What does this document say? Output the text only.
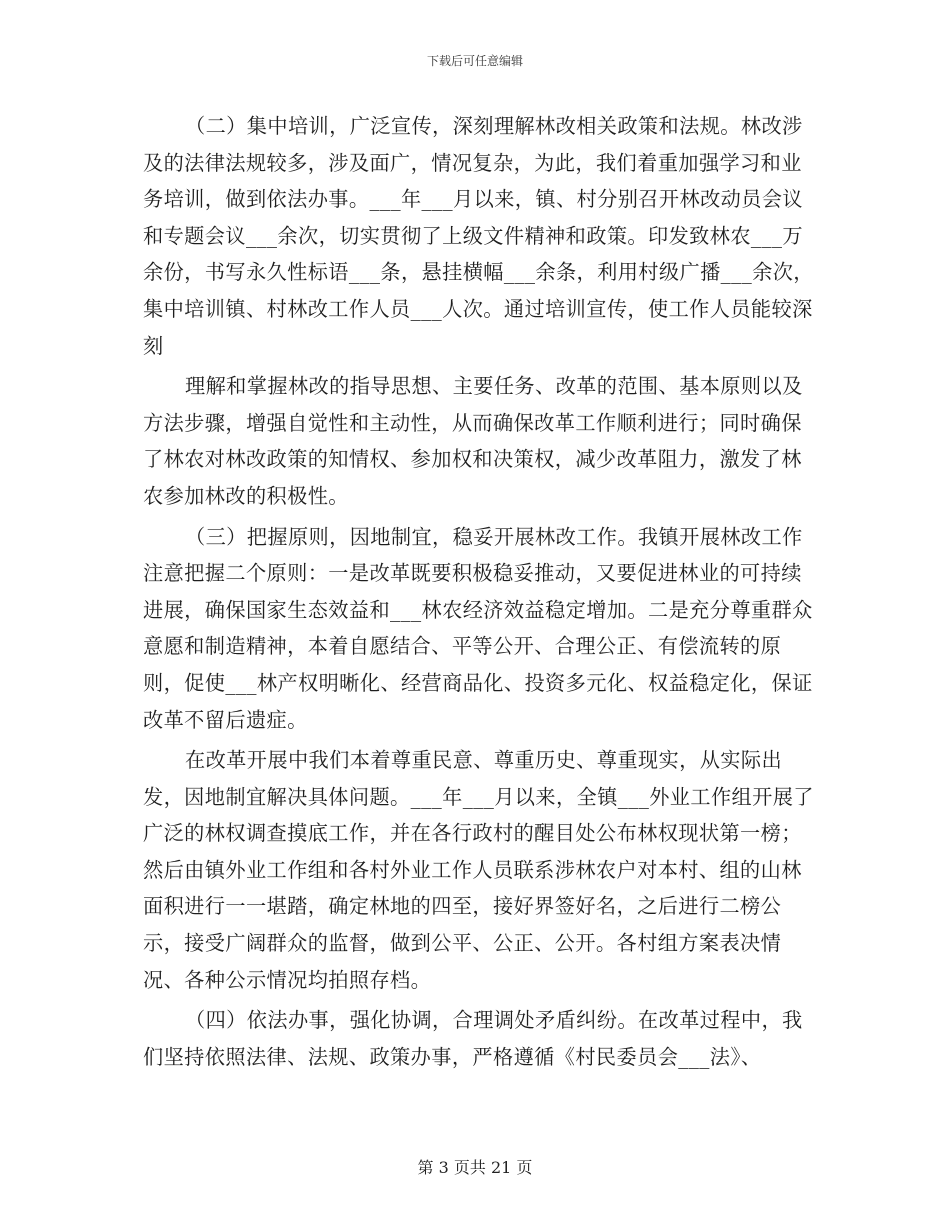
下载后可任意编辑

（二）集中培训，广泛宣传，深刻理解林改相关政策和法规。林改涉及的法律法规较多，涉及面广，情况复杂，为此，我们着重加强学习和业务培训，做到依法办事。___年___月以来，镇、村分别召开林改动员会议和专题会议___余次，切实贯彻了上级文件精神和政策。印发致林农___万余份，书写永久性标语___条，悬挂横幅___余条，利用村级广播___余次，集中培训镇、村林改工作人员___人次。通过培训宣传，使工作人员能较深刻

理解和掌握林改的指导思想、主要任务、改革的范围、基本原则以及方法步骤，增强自觉性和主动性，从而确保改革工作顺利进行；同时确保了林农对林改政策的知情权、参加权和决策权，减少改革阻力，激发了林农参加林改的积极性。

（三）把握原则，因地制宜，稳妥开展林改工作。我镇开展林改工作注意把握二个原则：一是改革既要积极稳妥推动，又要促进林业的可持续进展，确保国家生态效益和___林农经济效益稳定增加。二是充分尊重群众意愿和制造精神，本着自愿结合、平等公开、合理公正、有偿流转的原则，促使___林产权明晰化、经营商品化、投资多元化、权益稳定化，保证改革不留后遗症。

在改革开展中我们本着尊重民意、尊重历史、尊重现实，从实际出发，因地制宜解决具体问题。___年___月以来，全镇___外业工作组开展了广泛的林权调查摸底工作，并在各行政村的醒目处公布林权现状第一榜；然后由镇外业工作组和各村外业工作人员联系涉林农户对本村、组的山林面积进行一一堪踏，确定林地的四至，接好界签好名，之后进行二榜公示，接受广阔群众的监督，做到公平、公正、公开。各村组方案表决情况、各种公示情况均拍照存档。

（四）依法办事，强化协调，合理调处矛盾纠纷。在改革过程中，我们坚持依照法律、法规、政策办事，严格遵循《村民委员会___法》、

第 3 页共 21 页
